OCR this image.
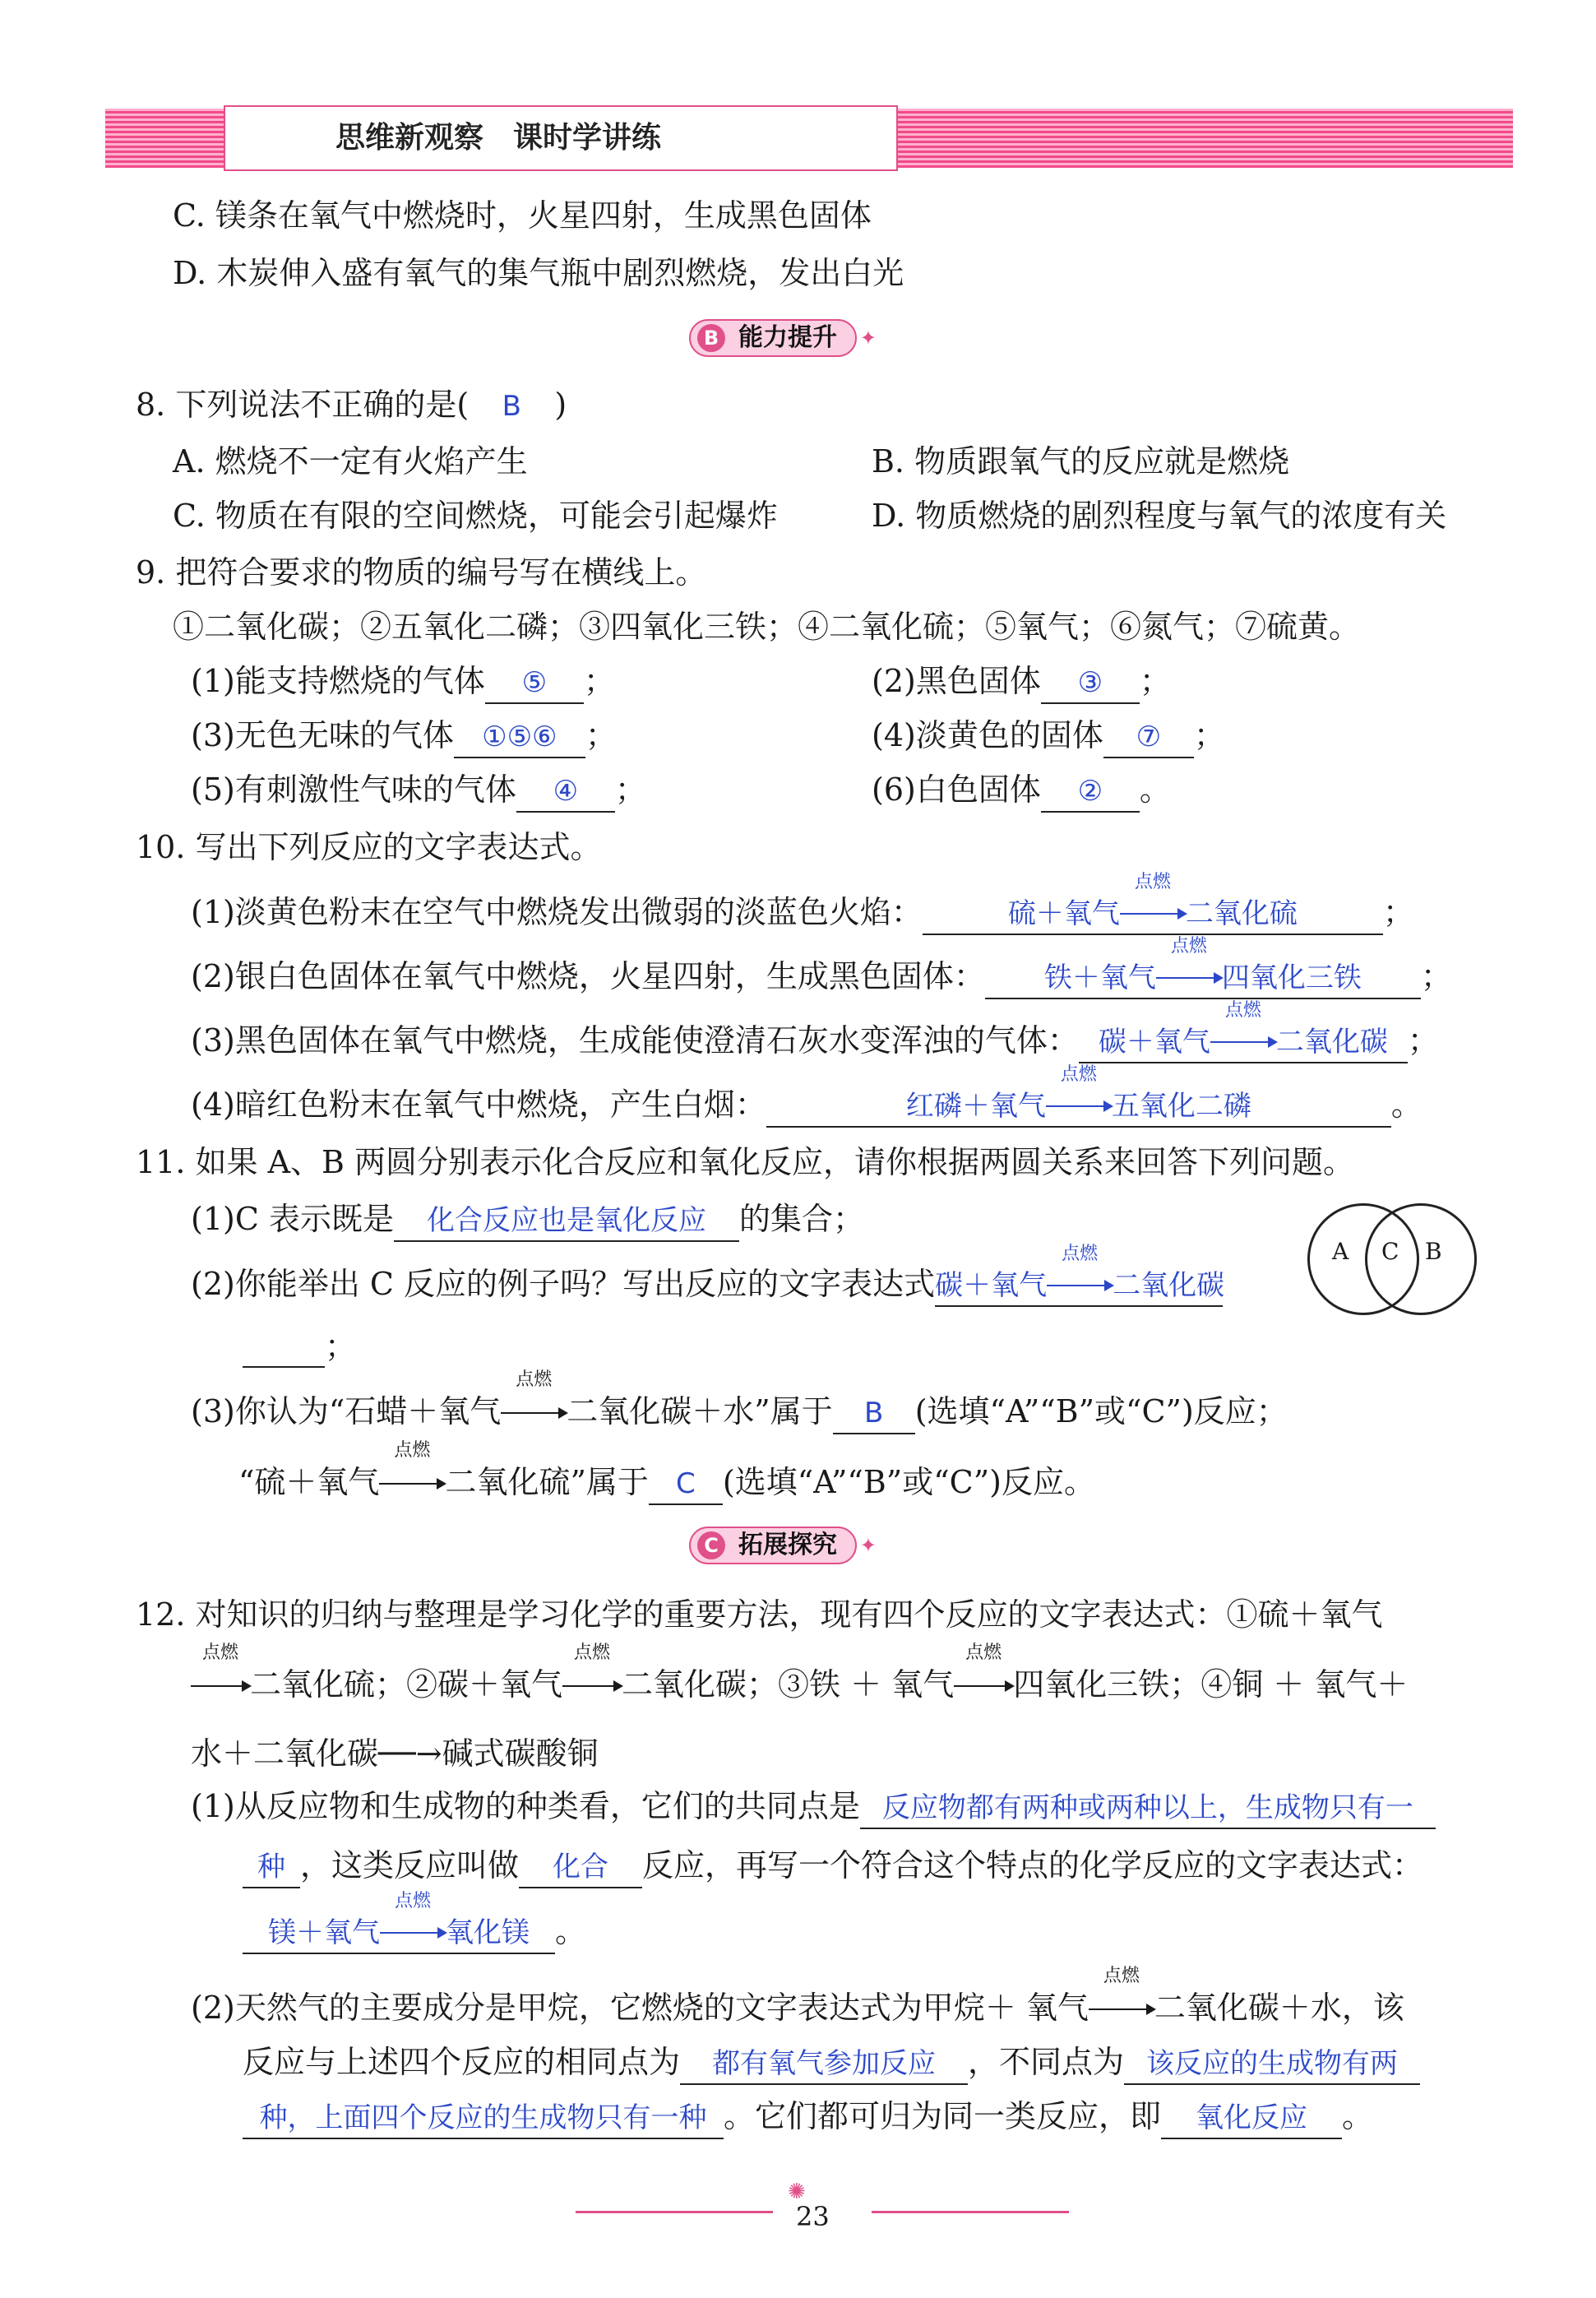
思维新观察　课时学讲练
C. 镁条在氧气中燃烧时，火星四射，生成黑色固体
D. 木炭伸入盛有氧气的集气瓶中剧烈燃烧，发出白光
B 能力提升 ✦
8. 下列说法不正确的是( B )
A. 燃烧不一定有火焰产生	B. 物质跟氧气的反应就是燃烧
C. 物质在有限的空间燃烧，可能会引起爆炸	D. 物质燃烧的剧烈程度与氧气的浓度有关
9. 把符合要求的物质的编号写在横线上。
①二氧化碳；②五氧化二磷；③四氧化三铁；④二氧化硫；⑤氧气；⑥氮气；⑦硫黄。
(1)能支持燃烧的气体 ⑤ ；	(2)黑色固体 ③ ；
(3)无色无味的气体 ①⑤⑥ ；	(4)淡黄色的固体 ⑦ ；
(5)有刺激性气味的气体 ④ ；	(6)白色固体 ② 。
10. 写出下列反应的文字表达式。
(1)淡黄色粉末在空气中燃烧发出微弱的淡蓝色火焰：	硫＋氧气
点燃
二氧化硫	；
(2)银白色固体在氧气中燃烧，火星四射，生成黑色固体： 铁＋氧气
点燃
四氧化三铁 ；
(3)黑色固体在氧气中燃烧，生成能使澄清石灰水变浑浊的气体： 碳＋氧气
点燃
二氧化碳 ；
(4)暗红色粉末在氧气中燃烧，产生白烟：	红磷＋氧气
点燃
五氧化二磷	。
11. 如果 A、B 两圆分别表示化合反应和氧化反应，请你根据两圆关系来回答下列问题。
(1)C 表示既是 化合反应也是氧化反应 的集合；
(2)你能举出 C 反应的例子吗？写出反应的文字表达式碳＋氧气
点燃
二氧化碳
；
A C B
(3)你认为“石蜡＋氧气
点燃
二氧化碳＋水”属于 B (选填“A”“B”或“C”)反应；
“硫＋氧气
点燃
二氧化硫”属于 C (选填“A”“B”或“C”)反应。
C 拓展探究 ✦
12. 对知识的归纳与整理是学习化学的重要方法，现有四个反应的文字表达式：①硫＋氧气
点燃
二氧化硫；②碳＋氧气
点燃
二氧化碳；③铁 ＋ 氧气
点燃
四氧化三铁；④铜 ＋ 氧气＋
水＋二氧化碳──→碱式碳酸铜
(1)从反应物和生成物的种类看，它们的共同点是 反应物都有两种或两种以上，生成物只有一
种 ，这类反应叫做 化合 反应，再写一个符合这个特点的化学反应的文字表达式：
镁＋氧气
点燃
氧化镁 。
(2)天然气的主要成分是甲烷，它燃烧的文字表达式为甲烷＋ 氧气
点燃
二氧化碳＋水，该
反应与上述四个反应的相同点为 都有氧气参加反应 ，不同点为 该反应的生成物有两
种，上面四个反应的生成物只有一种 。它们都可归为同一类反应，即 氧化反应 。
✺
23
